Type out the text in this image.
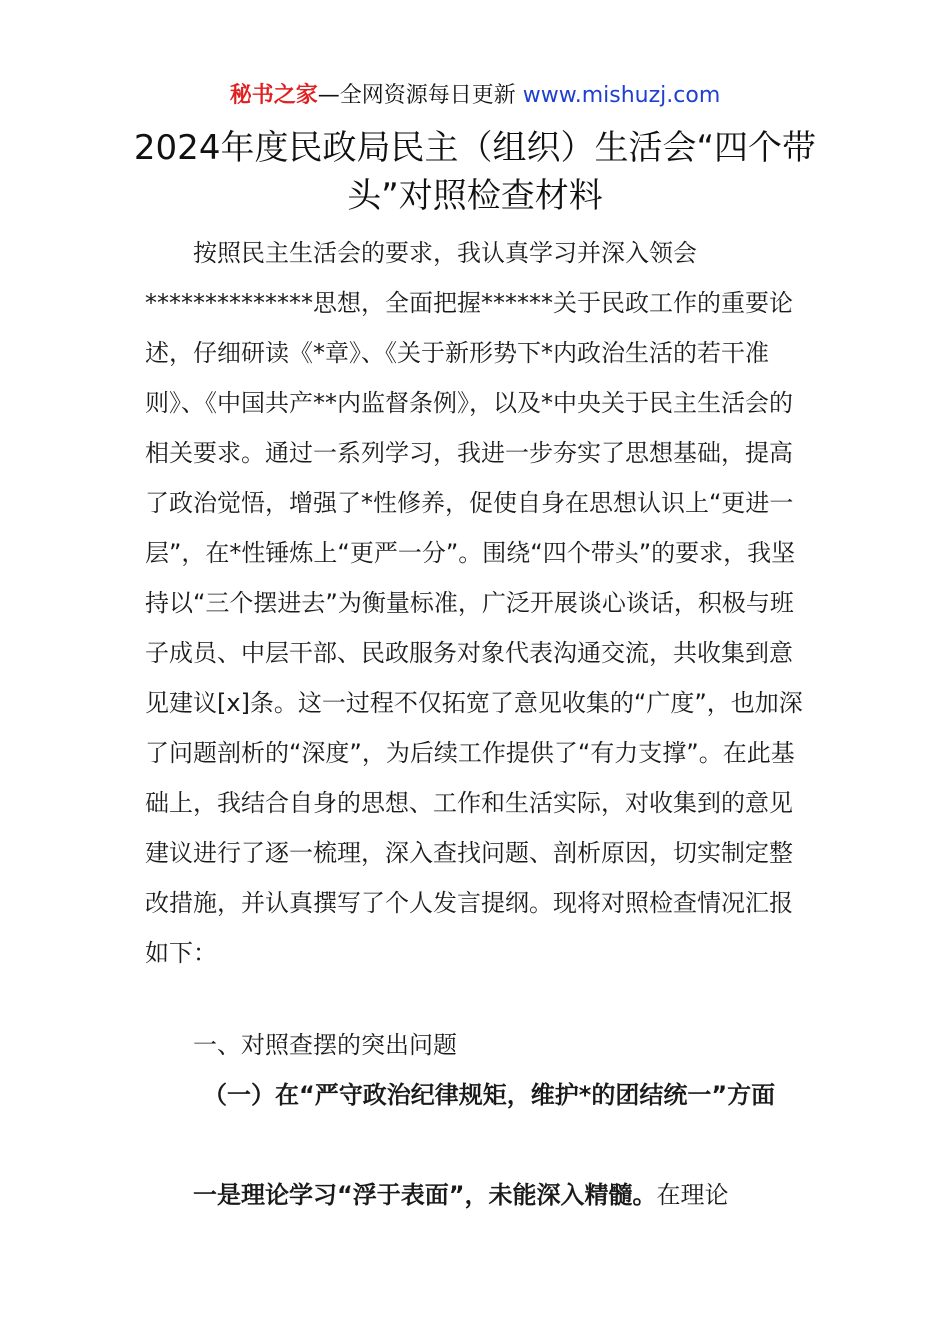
秘书之家—全网资源每日更新 www.mishuzj.com
2024年度民政局民主（组织）生活会“四个带头”对照检查材料

按照民主生活会的要求，我认真学习并深入领会**************思想，全面把握******关于民政工作的重要论述，仔细研读《*章》、《关于新形势下*内政治生活的若干准则》、《中国共产**内监督条例》，以及*中央关于民主生活会的相关要求。通过一系列学习，我进一步夯实了思想基础，提高了政治觉悟，增强了*性修养，促使自身在思想认识上“更进一层”，在*性锤炼上“更严一分”。围绕“四个带头”的要求，我坚持以“三个摆进去”为衡量标准，广泛开展谈心谈话，积极与班子成员、中层干部、民政服务对象代表沟通交流，共收集到意见建议[x]条。这一过程不仅拓宽了意见收集的“广度”，也加深了问题剖析的“深度”，为后续工作提供了“有力支撑”。在此基础上，我结合自身的思想、工作和生活实际，对收集到的意见建议进行了逐一梳理，深入查找问题、剖析原因，切实制定整改措施，并认真撰写了个人发言提纲。现将对照检查情况汇报如下：

一、对照查摆的突出问题

（一）在“严守政治纪律规矩，维护*的团结统一”方面

一是理论学习“浮于表面”，未能深入精髓。在理论
